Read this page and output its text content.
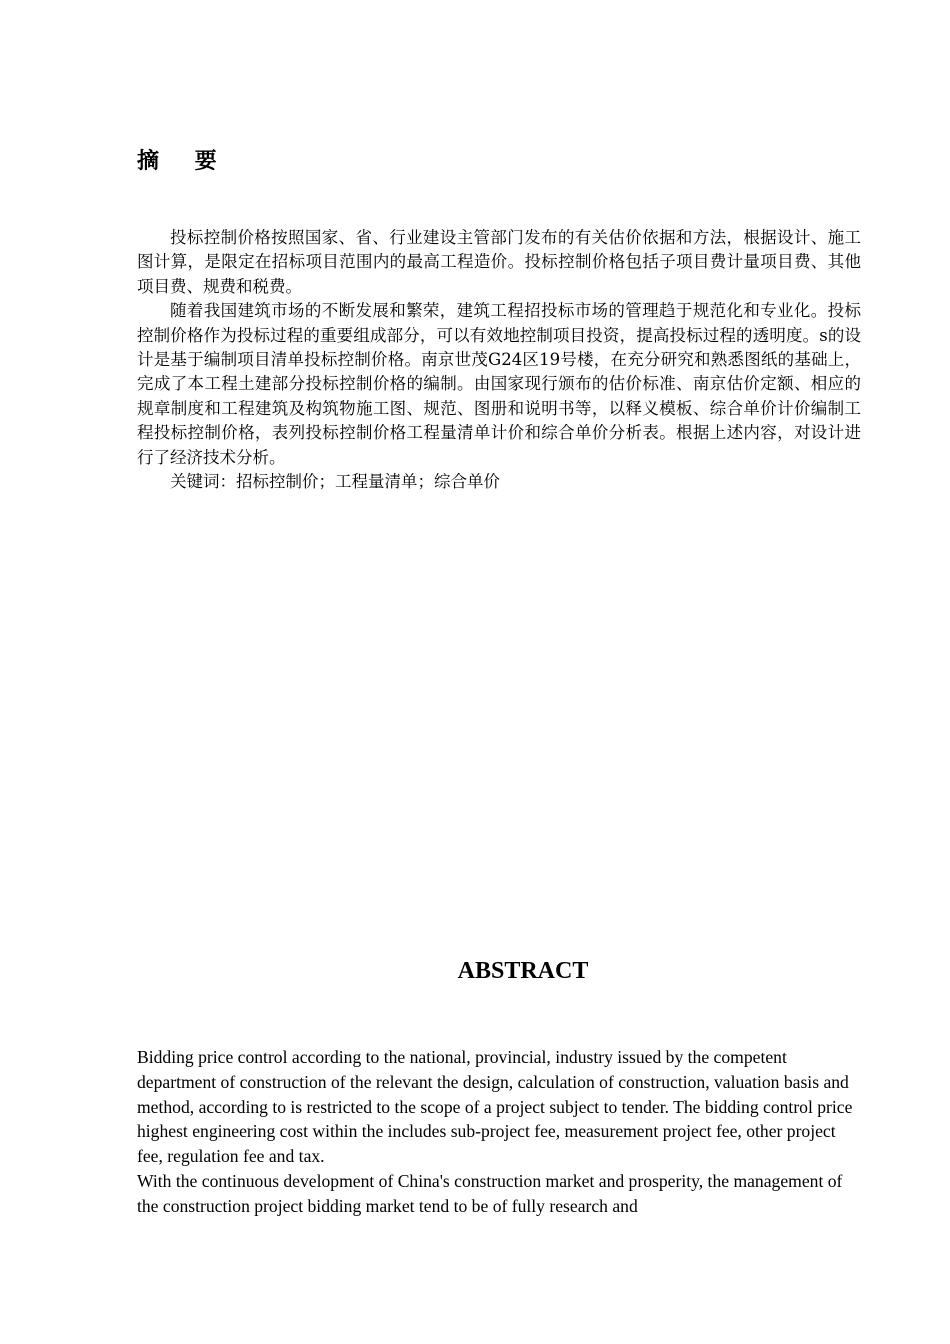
摘 要

投标控制价格按照国家、省、行业建设主管部门发布的有关估价依据和方法，根据设计、施工图计算，是限定在招标项目范围内的最高工程造价。投标控制价格包括子项目费计量项目费、其他项目费、规费和税费。

随着我国建筑市场的不断发展和繁荣，建筑工程招投标市场的管理趋于规范化和专业化。投标控制价格作为投标过程的重要组成部分，可以有效地控制项目投资，提高投标过程的透明度。s的设计是基于编制项目清单投标控制价格。南京世茂G24区19号楼，在充分研究和熟悉图纸的基础上，完成了本工程土建部分投标控制价格的编制。由国家现行颁布的估价标准、南京估价定额、相应的规章制度和工程建筑及构筑物施工图、规范、图册和说明书等，以释义模板、综合单价计价编制工程投标控制价格，表列投标控制价格工程量清单计价和综合单价分析表。根据上述内容，对设计进行了经济技术分析。

关键词：招标控制价；工程量清单；综合单价

ABSTRACT

Bidding price control according to the national, provincial, industry issued by the competent department of construction of the relevant the design, calculation of construction, valuation basis and method, according to is restricted to the scope of a project subject to tender. The bidding control price highest engineering cost within the includes sub-project fee, measurement project fee, other project fee, regulation fee and tax.

With the continuous development of China's construction market and prosperity, the management of the construction project bidding market tend to be of fully research and
